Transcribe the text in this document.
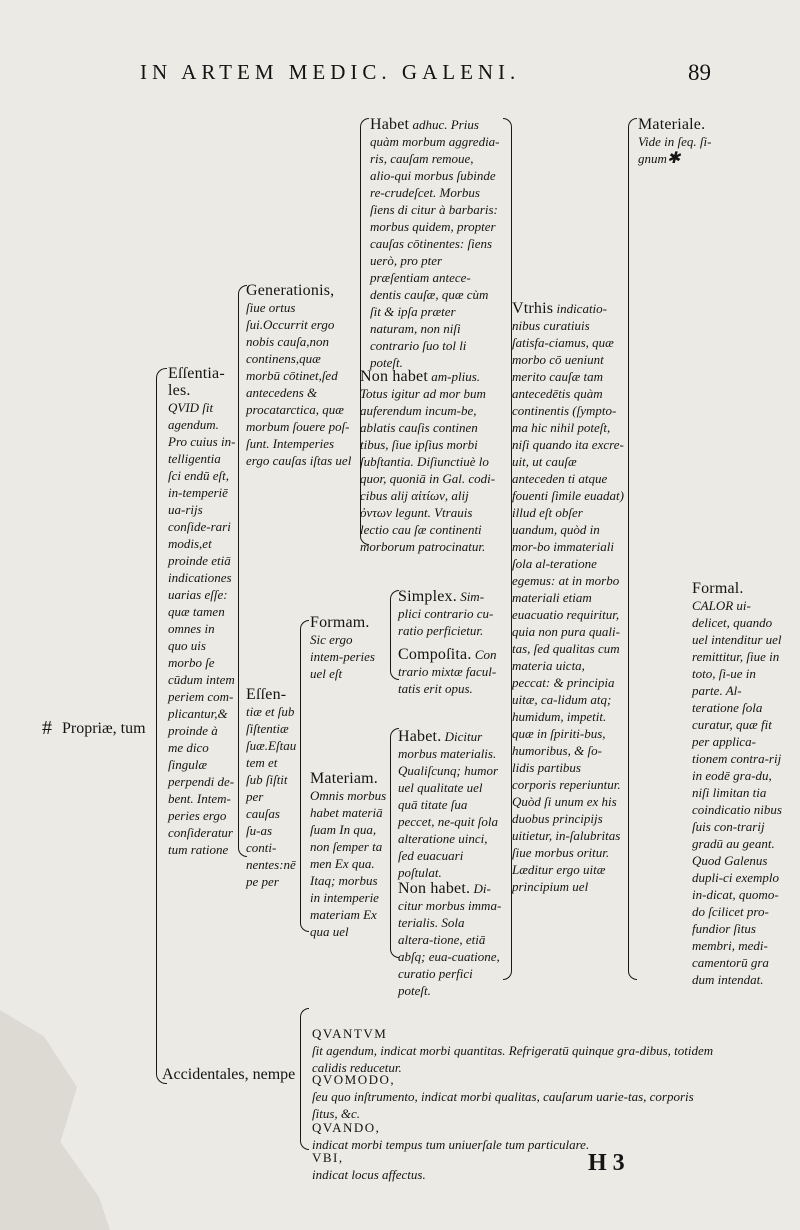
IN ARTEM MEDIC. GALENI.	89
# Propriæ, tum
Eſſentia-les.
QVID ſit agendum. Pro cuius in-telligentia ſci endū eſt, in-temperiē ua-rijs conſide-rari modis,et proinde etiā indicationes uarias eſſe: quæ tamen omnes in quo uis morbo ſe cūdum intem periem com-plicantur,& proinde à me dico ſingulæ perpendi de-bent. Intem-peries ergo conſideratur tum ratione
Generationis,
ſiue ortus ſui.Occurrit ergo nobis cauſa,non continens,quæ morbū cōtinet,ſed antecedens & procatarctica, quæ morbum ſouere poſ-ſunt. Intemperies ergo cauſas iſtas uel
Eſſen-
tiæ et ſub ſiſtentiæ ſuæ.Eſtau tem et ſub ſiſtit per cauſas ſu-as conti-nentes:nē pe per
Formam.
Sic ergo intem-peries uel eſt
Materiam.
Omnis morbus habet materiā ſuam In qua, non ſemper ta men Ex qua. Itaq; morbus in intemperie materiam Ex qua uel
Habet adhuc. Prius quàm morbum aggredia-ris, cauſam remoue, alio-qui morbus ſubinde re-crudeſcet. Morbus ſiens di citur à barbaris: morbus quidem, propter cauſas cōtinentes: ſiens uerò, pro pter præſentiam antece-dentis cauſæ, quæ cùm ſit & ipſa præter naturam, non niſi contrario ſuo tol li poteſt.
Non habet am-plius. Totus igitur ad mor bum auferendum incum-be, ablatis cauſis continen tibus, ſiue ipſius morbi ſubſtantia. Diſiunctiuè lo quor, quoniā in Gal. codi-cibus alij αἰτίων, alij ὀντων legunt. Vtrauis lectio cau ſæ continenti morborum patrocinatur.
Simplex. Sim-plici contrario cu-ratio perficietur.
Compoſita. Con trario mixtæ facul-tatis erit opus.
Habet. Dicitur morbus materialis. Qualiſcunq; humor uel qualitate uel quā titate ſua peccet, ne-quit ſola alteratione uinci, ſed euacuari poſtulat.
Non habet. Di-citur morbus imma-terialis. Sola altera-tione, etiā abſq; eua-cuatione, curatio perfici poteſt.
Vtrhis indicatio-nibus curatiuis ſatisfa-ciamus, quæ morbo cō ueniunt merito cauſæ tam antecedētis quàm continentis (ſympto-ma hic nihil poteſt, niſi quando ita excre-uit, ut cauſæ anteceden ti atque fouenti ſimile euadat) illud eſt obſer uandum, quòd in mor-bo immateriali ſola al-teratione egemus: at in morbo materiali etiam euacuatio requiritur, quia non pura quali-tas, ſed qualitas cum materia uicta, peccat: & principia uitæ, ca-lidum atq; humidum, impetit. quæ in ſpiriti-bus, humoribus, & ſo-lidis partibus corporis reperiuntur. Quòd ſi unum ex his duobus principijs uitietur, in-ſalubritas ſiue morbus oritur. Læditur ergo uitæ principium uel
Materiale.
Vide in ſeq. ſi-gnum ✱
Formal.
CALOR ui-delicet, quando uel intenditur uel remittitur, ſiue in toto, ſi-ue in parte. Al-teratione ſola curatur, quæ fit per applica-tionem contra-rij in eodē gra-du, niſi limitan tia coindicatio nibus ſuis con-trarij gradū au geant. Quod Galenus dupli-ci exemplo in-dicat, quomo-do ſcilicet pro-fundior ſitus membri, medi-camentorū gra dum intendat.
Accidentales, nempe

QVANTVM
ſit agendum, indicat morbi quantitas. Refrigeratū quinque gra-dibus, totidem calidis reducetur.

QVOMODO,
ſeu quo inſtrumento, indicat morbi qualitas, cauſarum uarie-tas, corporis ſitus, &c.

QVANDO,
indicat morbi tempus tum uniuerſale tum particulare.

VBI,
indicat locus affectus.	H 3
